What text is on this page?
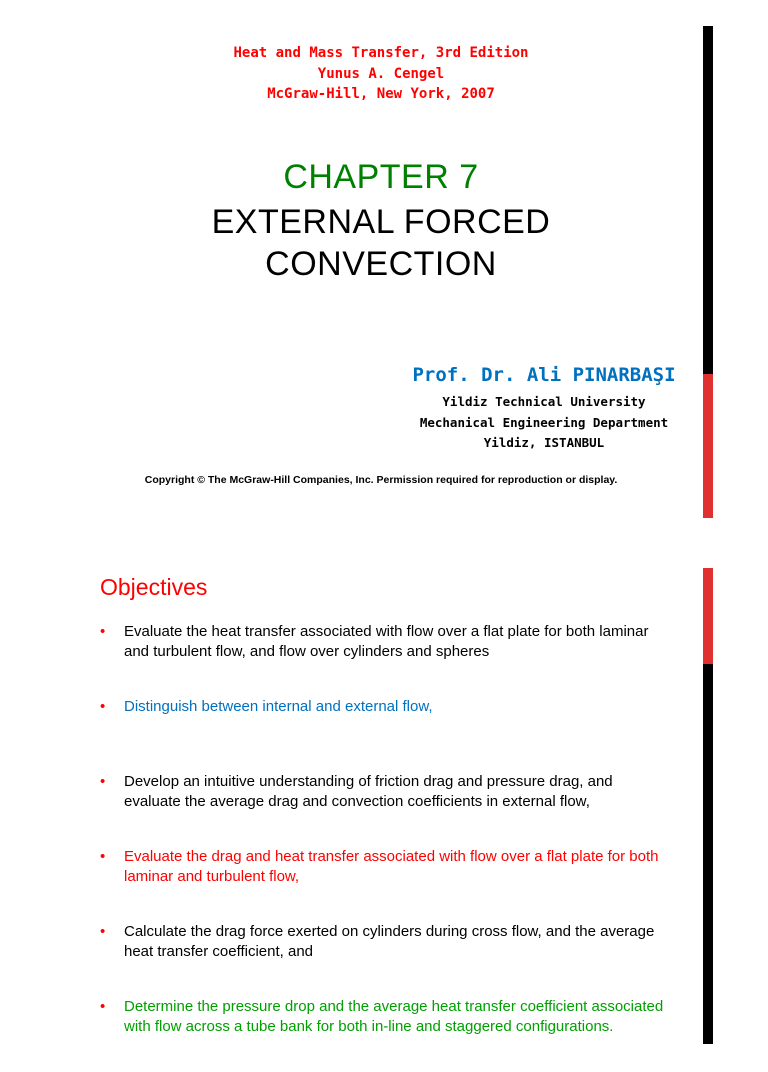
Heat and Mass Transfer, 3rd Edition
Yunus A. Cengel
McGraw-Hill, New York, 2007
CHAPTER 7
EXTERNAL FORCED
CONVECTION
Prof. Dr. Ali PINARBAŞI
Yildiz Technical University
Mechanical Engineering Department
Yildiz, ISTANBUL
Copyright © The McGraw-Hill Companies, Inc. Permission required for reproduction or display.
Objectives
•	Evaluate the heat transfer associated with flow over a flat plate for both laminar and turbulent flow, and flow over cylinders and spheres
•	Distinguish between internal and external flow,
•	Develop an intuitive understanding of friction drag and pressure drag, and evaluate the average drag and convection coefficients in external flow,
•	Evaluate the drag and heat transfer associated with flow over a flat plate for both laminar and turbulent flow,
•	Calculate the drag force exerted on cylinders during cross flow, and the average heat transfer coefficient, and
•	Determine the pressure drop and the average heat transfer coefficient associated with flow across a tube bank for both in-line and staggered configurations.
